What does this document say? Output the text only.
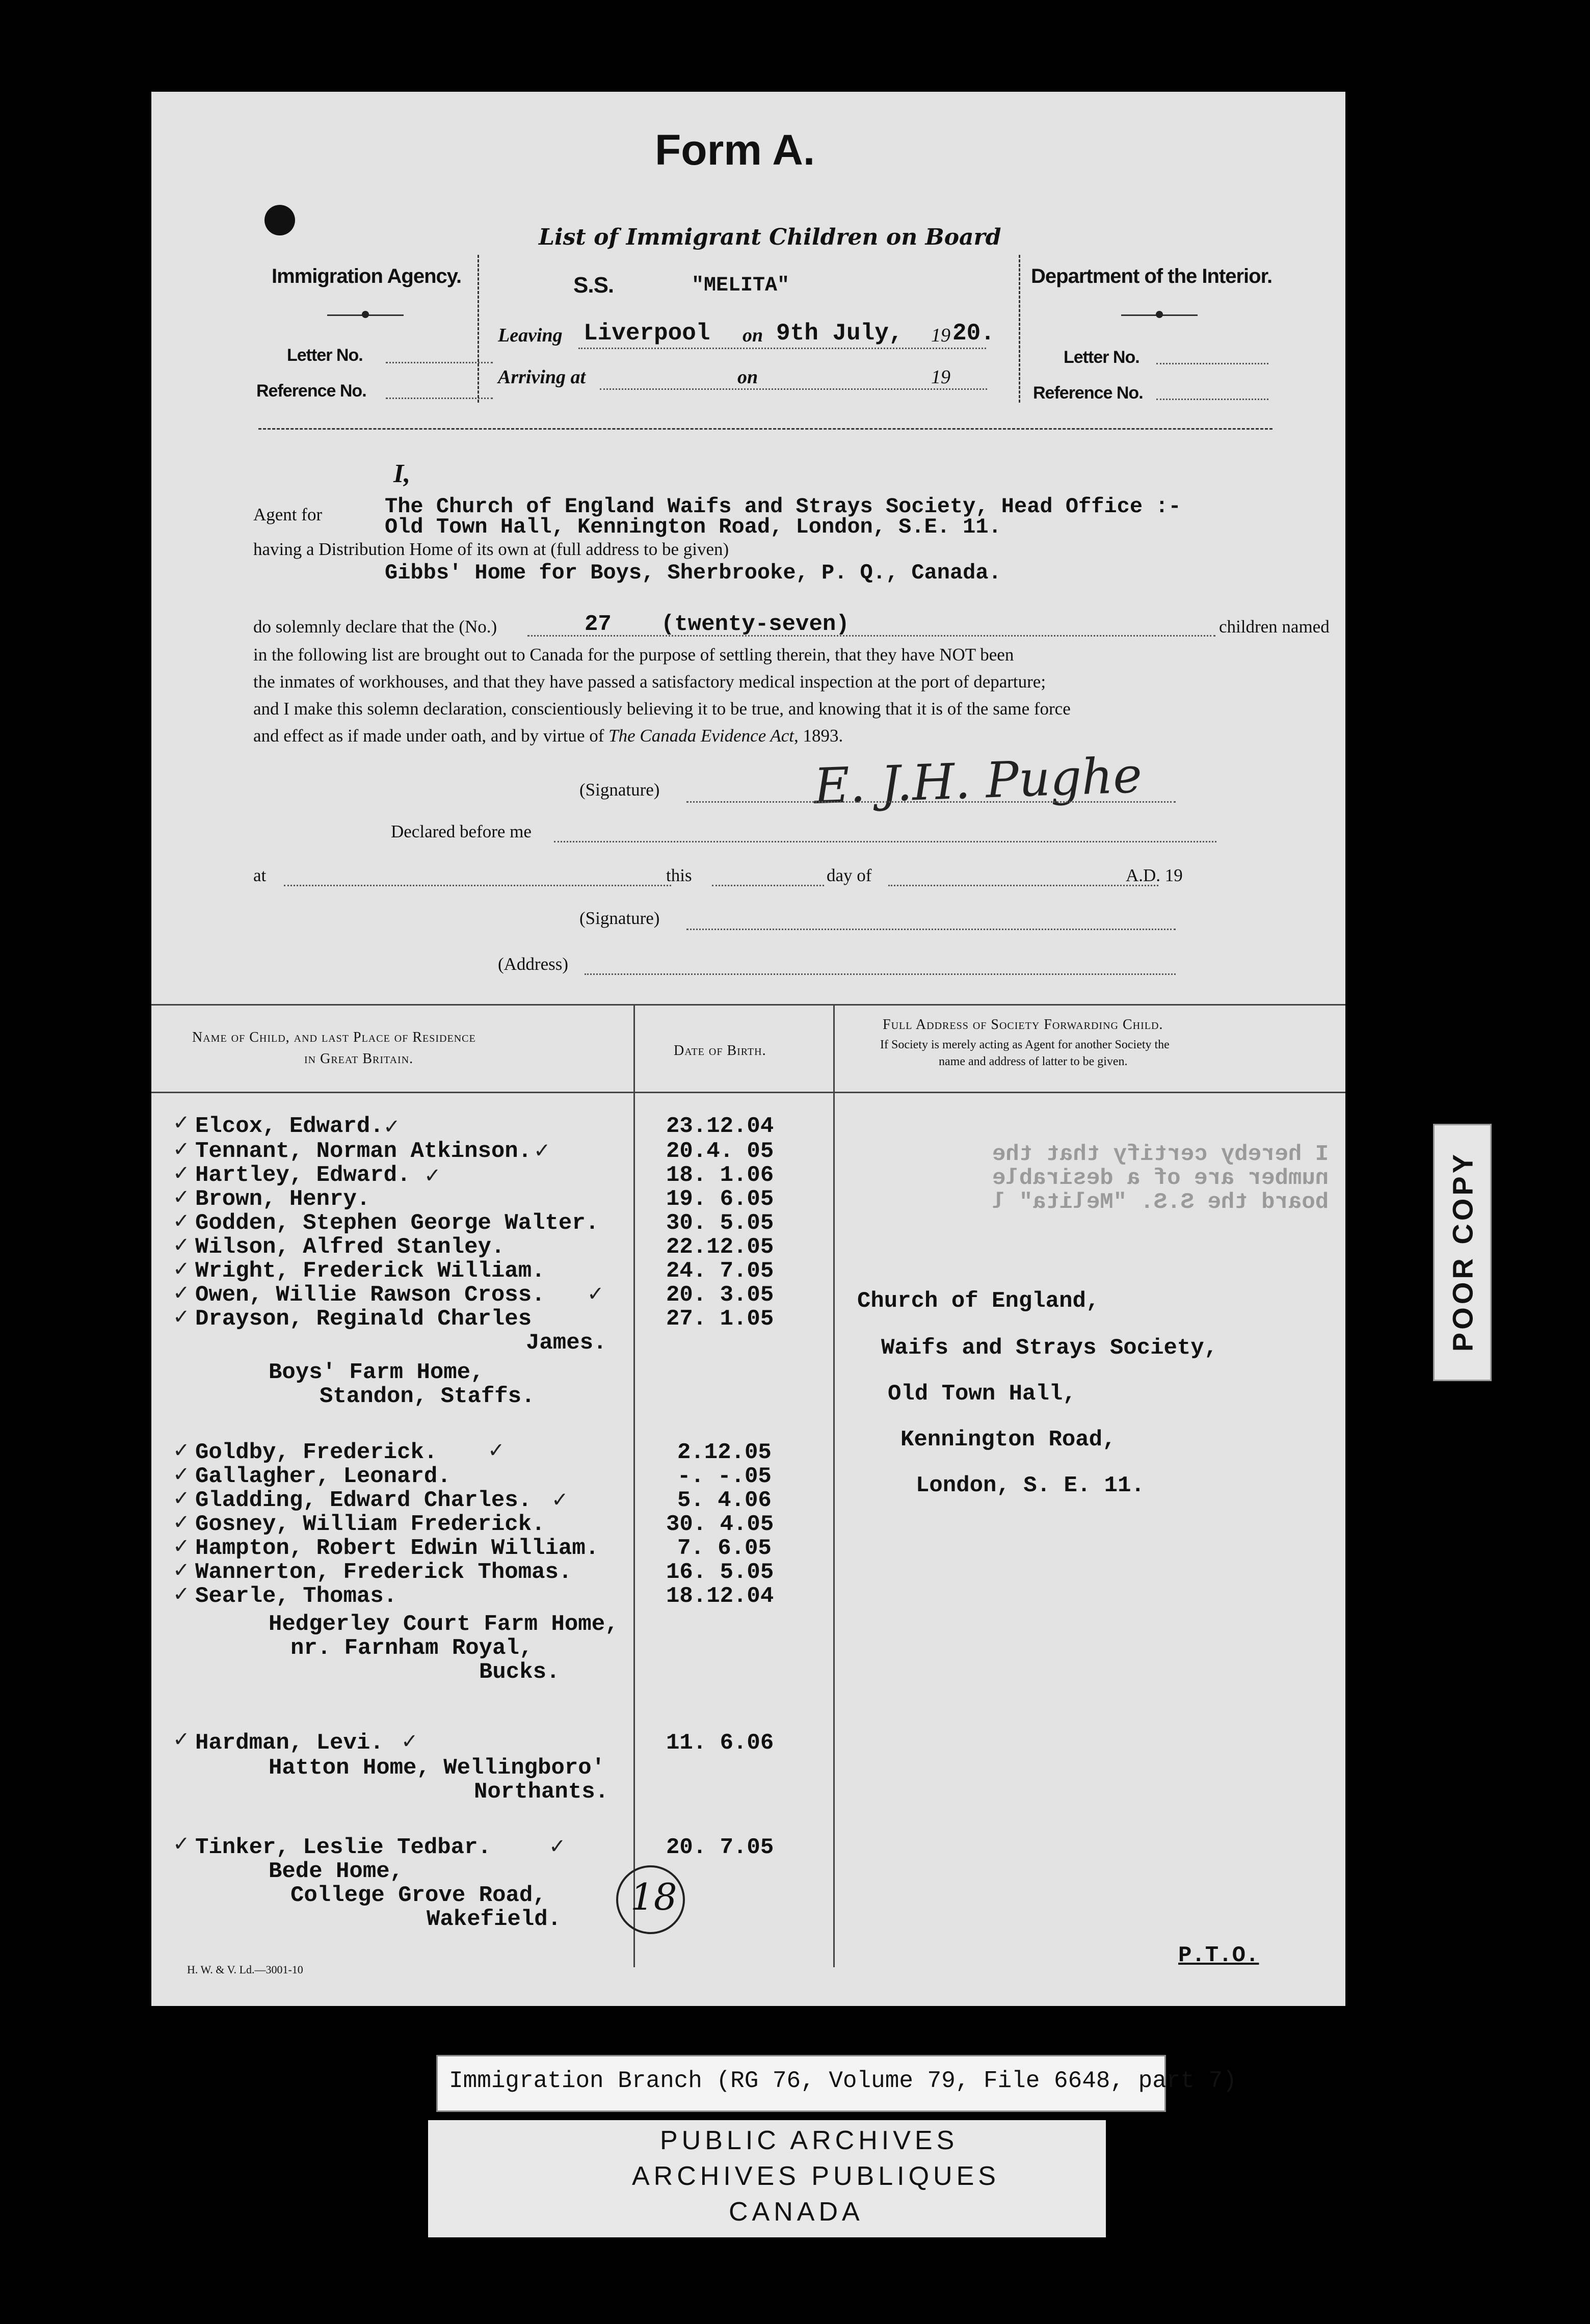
Form A.
List of Immigrant Children on Board
Immigration Agency.
Letter No.
Reference No.
S.S.	"MELITA"
Leaving Liverpool on 9th July, 19 20.
Arriving at	on	19
Department of the Interior.
Letter No.
Reference No.
I,
Agent for	The Church of England Waifs and Strays Society, Head Office :-
Old Town Hall, Kennington Road, London, S.E. 11.
having a Distribution Home of its own at (full address to be given)
Gibbs' Home for Boys, Sherbrooke, P. Q., Canada.
do solemnly declare that the (No.)	27 (twenty-seven)	children named
in the following list are brought out to Canada for the purpose of settling therein, that they have NOT been
the inmates of workhouses, and that they have passed a satisfactory medical inspection at the port of departure;
and I make this solemn declaration, conscientiously believing it to be true, and knowing that it is of the same force
and effect as if made under oath, and by virtue of The Canada Evidence Act, 1893.
(Signature)	E. J.H. Pughe
Declared before me
at	this	day of	A.D. 19
(Signature)
(Address)
Name of Child, and last Place of Residence
in Great Britain.
Date of Birth.
Full Address of Society Forwarding Child.
If Society is merely acting as Agent for another Society the
name and address of latter to be given.
Elcox, Edward.	23.12.04
Tennant, Norman Atkinson.	20.4. 05
Hartley, Edward.	18. 1.06
Brown, Henry.	19. 6.05
Godden, Stephen George Walter.	30. 5.05
Wilson, Alfred Stanley.	22.12.05
Wright, Frederick William.	24. 7.05
Owen, Willie Rawson Cross.	20. 3.05
Drayson, Reginald Charles	27. 1.05
James.
Boys' Farm Home,
Standon, Staffs.
Goldby, Frederick.	2.12.05
Gallagher, Leonard.	-. -.05
Gladding, Edward Charles.	5. 4.06
Gosney, William Frederick.	30. 4.05
Hampton, Robert Edwin William.	7. 6.05
Wannerton, Frederick Thomas.	16. 5.05
Searle, Thomas.	18.12.04
Hedgerley Court Farm Home,
nr. Farnham Royal,
Bucks.
Hardman, Levi.	11. 6.06
Hatton Home, Wellingboro'
Northants.
Tinker, Leslie Tedbar.	20. 7.05
Bede Home,
College Grove Road,
Wakefield.
18
I hereby certify that the
number are of a desirable
board the S.S. "Melita" l
Church of England,
Waifs and Strays Society,
Old Town Hall,
Kennington Road,
London, S. E. 11.
P.T.O.
H. W. & V. Ld.—3001-10
✓	✓
✓	✓
✓	✓
✓
✓
✓
✓
✓	✓
✓
✓	✓
✓
✓	✓
✓
✓
✓
✓
✓	✓
✓	✓
Immigration Branch (RG 76, Volume 79, File 6648, part 7)
PUBLIC ARCHIVES
ARCHIVES PUBLIQUES
CANADA
POOR COPY
